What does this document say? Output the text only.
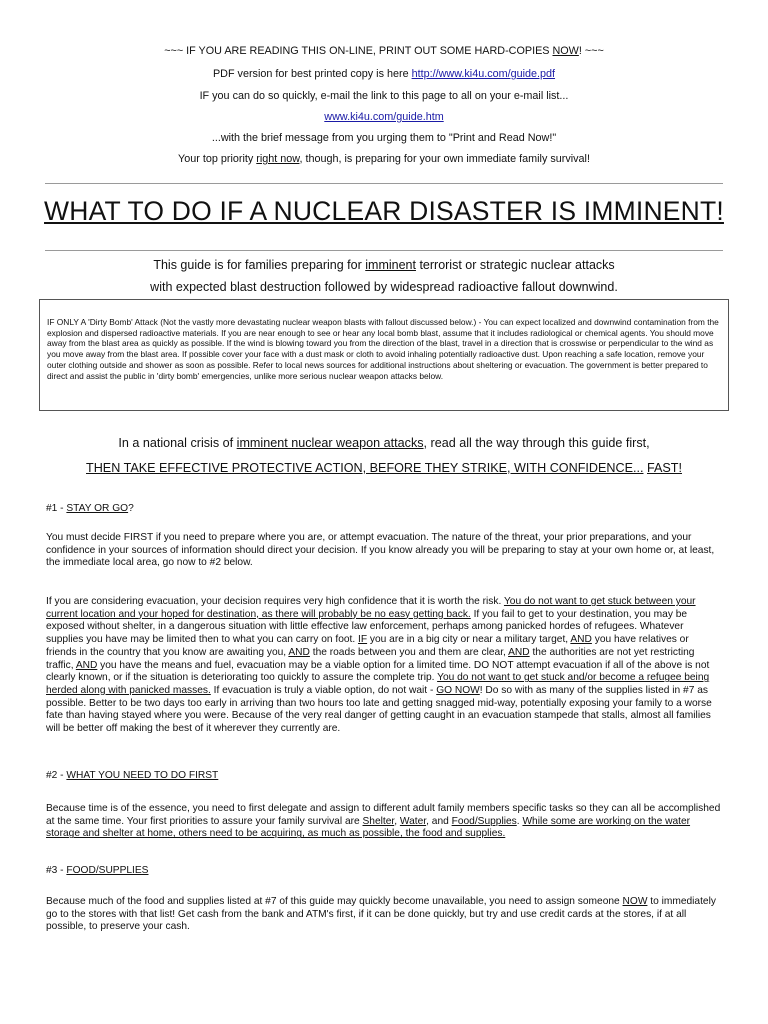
~~~ IF YOU ARE READING THIS ON-LINE, PRINT OUT SOME HARD-COPIES NOW! ~~~
PDF version for best printed copy is here http://www.ki4u.com/guide.pdf
IF you can do so quickly, e-mail the link to this page to all on your e-mail list...
www.ki4u.com/guide.htm
...with the brief message from you urging them to "Print and Read Now!"
Your top priority right now, though, is preparing for your own immediate family survival!
WHAT TO DO IF A NUCLEAR DISASTER IS IMMINENT!
This guide is for families preparing for imminent terrorist or strategic nuclear attacks
with expected blast destruction followed by widespread radioactive fallout downwind.
IF ONLY A 'Dirty Bomb' Attack (Not the vastly more devastating nuclear weapon blasts with fallout discussed below.) - You can expect localized and downwind contamination from the explosion and dispersed radioactive materials. If you are near enough to see or hear any local bomb blast, assume that it includes radiological or chemical agents. You should move away from the blast area as quickly as possible. If the wind is blowing toward you from the direction of the blast, travel in a direction that is crosswise or perpendicular to the wind as you move away from the blast area. If possible cover your face with a dust mask or cloth to avoid inhaling potentially radioactive dust. Upon reaching a safe location, remove your outer clothing outside and shower as soon as possible. Refer to local news sources for additional instructions about sheltering or evacuation. The government is better prepared to direct and assist the public in 'dirty bomb' emergencies, unlike more serious nuclear weapon attacks below.
In a national crisis of imminent nuclear weapon attacks, read all the way through this guide first,
THEN TAKE EFFECTIVE PROTECTIVE ACTION, BEFORE THEY STRIKE, WITH CONFIDENCE... FAST!
#1 - STAY OR GO?
You must decide FIRST if you need to prepare where you are, or attempt evacuation. The nature of the threat, your prior preparations, and your confidence in your sources of information should direct your decision. If you know already you will be preparing to stay at your own home or, at least, the immediate local area, go now to #2 below.
If you are considering evacuation, your decision requires very high confidence that it is worth the risk. You do not want to get stuck between your current location and your hoped for destination, as there will probably be no easy getting back. If you fail to get to your destination, you may be exposed without shelter, in a dangerous situation with little effective law enforcement, perhaps among panicked hordes of refugees. Whatever supplies you have may be limited then to what you can carry on foot. IF you are in a big city or near a military target, AND you have relatives or friends in the country that you know are awaiting you, AND the roads between you and them are clear, AND the authorities are not yet restricting traffic, AND you have the means and fuel, evacuation may be a viable option for a limited time. DO NOT attempt evacuation if all of the above is not clearly known, or if the situation is deteriorating too quickly to assure the complete trip. You do not want to get stuck and/or become a refugee being herded along with panicked masses. If evacuation is truly a viable option, do not wait - GO NOW! Do so with as many of the supplies listed in #7 as possible. Better to be two days too early in arriving than two hours too late and getting snagged mid-way, potentially exposing your family to a worse fate than having stayed where you were. Because of the very real danger of getting caught in an evacuation stampede that stalls, almost all families will be better off making the best of it wherever they currently are.
#2 - WHAT YOU NEED TO DO FIRST
Because time is of the essence, you need to first delegate and assign to different adult family members specific tasks so they can all be accomplished at the same time. Your first priorities to assure your family survival are Shelter, Water, and Food/Supplies. While some are working on the water storage and shelter at home, others need to be acquiring, as much as possible, the food and supplies.
#3 - FOOD/SUPPLIES
Because much of the food and supplies listed at #7 of this guide may quickly become unavailable, you need to assign someone NOW to immediately go to the stores with that list! Get cash from the bank and ATM's first, if it can be done quickly, but try and use credit cards at the stores, if at all possible, to preserve your cash.
